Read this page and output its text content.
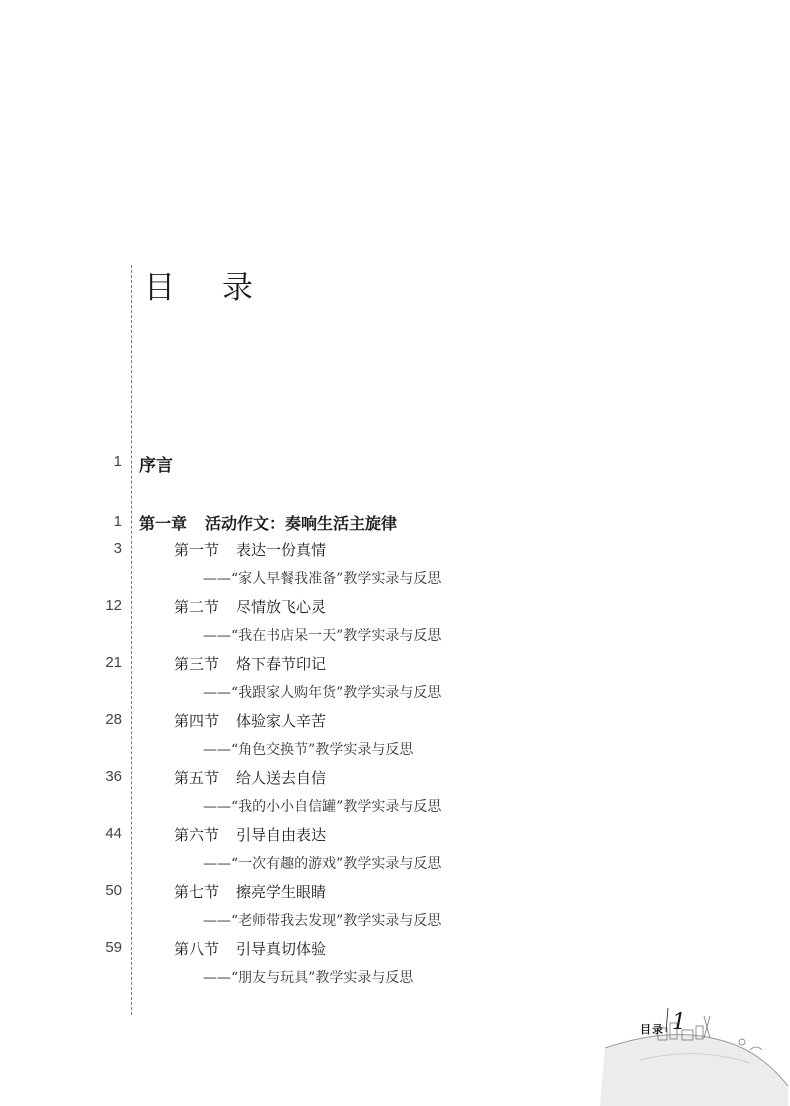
目录
1 序言
1 第一章 活动作文：奏响生活主旋律
3	第一节 表达一份真情
——“家人早餐我准备”教学实录与反思
12	第二节 尽情放飞心灵
——“我在书店呆一天”教学实录与反思
21	第三节 烙下春节印记
——“我跟家人购年货”教学实录与反思
28	第四节 体验家人辛苦
——“角色交换节”教学实录与反思
36	第五节 给人送去自信
——“我的小小自信罐”教学实录与反思
44	第六节 引导自由表达
——“一次有趣的游戏”教学实录与反思
50	第七节 擦亮学生眼睛
——“老师带我去发现”教学实录与反思
59	第八节 引导真切体验
——“朋友与玩具”教学实录与反思
目录 1
